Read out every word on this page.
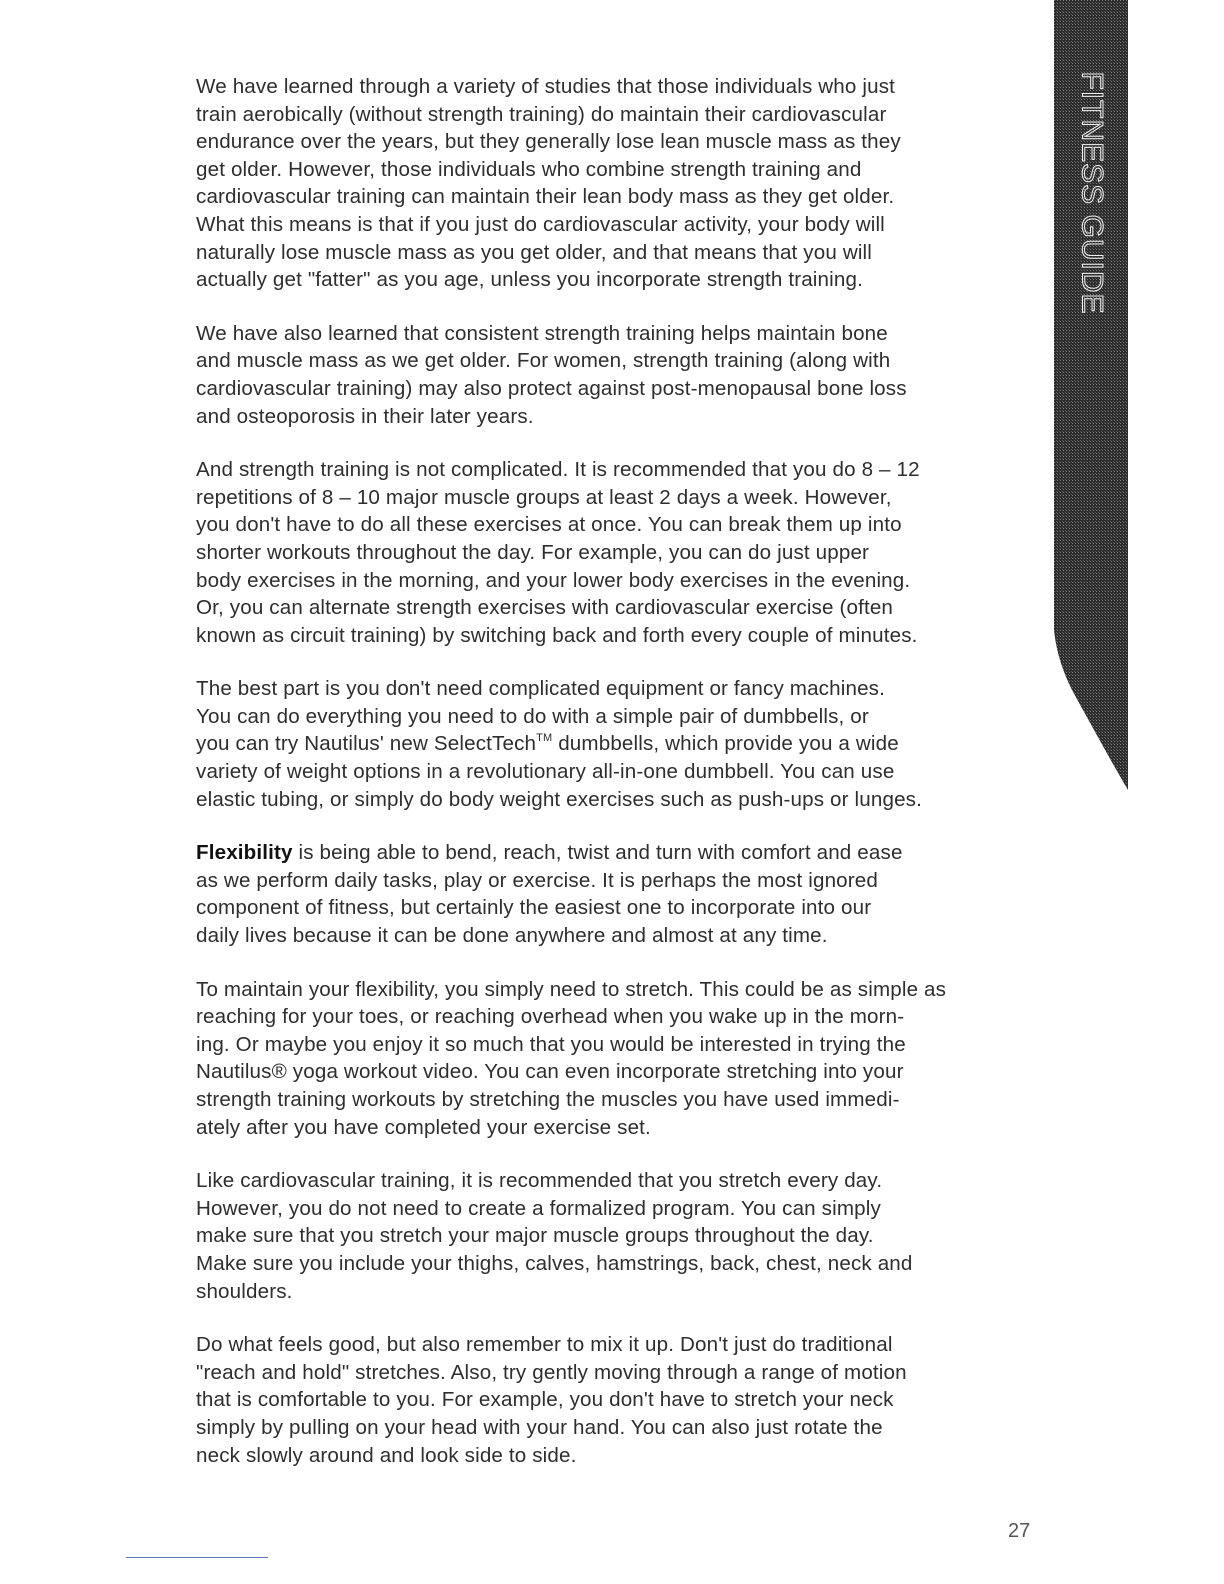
FITNESS GUIDE

We have learned through a variety of studies that those individuals who just
train aerobically (without strength training) do maintain their cardiovascular
endurance over the years, but they generally lose lean muscle mass as they
get older. However, those individuals who combine strength training and
cardiovascular training can maintain their lean body mass as they get older.
What this means is that if you just do cardiovascular activity, your body will
naturally lose muscle mass as you get older, and that means that you will
actually get "fatter" as you age, unless you incorporate strength training.

We have also learned that consistent strength training helps maintain bone
and muscle mass as we get older. For women, strength training (along with
cardiovascular training) may also protect against post-menopausal bone loss
and osteoporosis in their later years.

And strength training is not complicated. It is recommended that you do 8 – 12
repetitions of 8 – 10 major muscle groups at least 2 days a week. However,
you don't have to do all these exercises at once. You can break them up into
shorter workouts throughout the day. For example, you can do just upper
body exercises in the morning, and your lower body exercises in the evening.
Or, you can alternate strength exercises with cardiovascular exercise (often
known as circuit training) by switching back and forth every couple of minutes.

The best part is you don't need complicated equipment or fancy machines.
You can do everything you need to do with a simple pair of dumbbells, or
you can try Nautilus' new SelectTech™ dumbbells, which provide you a wide
variety of weight options in a revolutionary all-in-one dumbbell. You can use
elastic tubing, or simply do body weight exercises such as push-ups or lunges.

Flexibility is being able to bend, reach, twist and turn with comfort and ease
as we perform daily tasks, play or exercise. It is perhaps the most ignored
component of fitness, but certainly the easiest one to incorporate into our
daily lives because it can be done anywhere and almost at any time.

To maintain your flexibility, you simply need to stretch. This could be as simple as
reaching for your toes, or reaching overhead when you wake up in the morn-
ing. Or maybe you enjoy it so much that you would be interested in trying the
Nautilus® yoga workout video. You can even incorporate stretching into your
strength training workouts by stretching the muscles you have used immedi-
ately after you have completed your exercise set.

Like cardiovascular training, it is recommended that you stretch every day.
However, you do not need to create a formalized program. You can simply
make sure that you stretch your major muscle groups throughout the day.
Make sure you include your thighs, calves, hamstrings, back, chest, neck and
shoulders.

Do what feels good, but also remember to mix it up. Don't just do traditional
"reach and hold" stretches. Also, try gently moving through a range of motion
that is comfortable to you. For example, you don't have to stretch your neck
simply by pulling on your head with your hand. You can also just rotate the
neck slowly around and look side to side.

27
